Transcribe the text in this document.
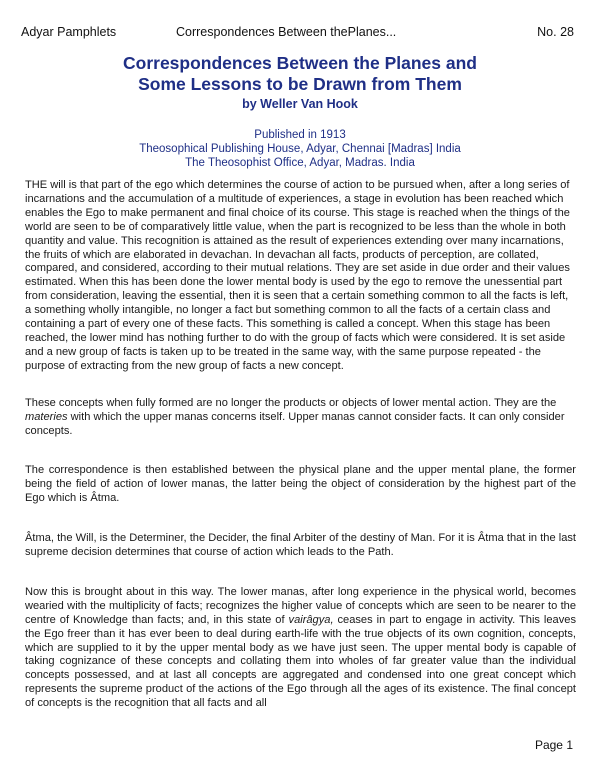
Adyar Pamphlets	Correspondences Between thePlanes...	No. 28
Correspondences Between the Planes and
Some Lessons to be Drawn from Them
by Weller Van Hook
Published in 1913
Theosophical Publishing House, Adyar, Chennai [Madras] India
The Theosophist Office, Adyar, Madras. India

THE will is that part of the ego which determines the course of action to be pursued when, after a long series of incarnations and the accumulation of a multitude of experiences, a stage in evolution has been reached which enables the Ego to make permanent and final choice of its course. This stage is reached when the things of the world are seen to be of comparatively little value, when the part is recognized to be less than the whole in both quantity and value. This recognition is attained as the result of experiences extending over many incarnations, the fruits of which are elaborated in devachan. In devachan all facts, products of perception, are collated, compared, and considered, according to their mutual relations. They are set aside in due order and their values estimated. When this has been done the lower mental body is used by the ego to remove the unessential part from consideration, leaving the essential, then it is seen that a certain something common to all the facts is left, a something wholly intangible, no longer a fact but something common to all the facts of a certain class and containing a part of every one of these facts. This something is called a concept. When this stage has been reached, the lower mind has nothing further to do with the group of facts which were considered. It is set aside and a new group of facts is taken up to be treated in the same way, with the same purpose repeated - the purpose of extracting from the new group of facts a new concept.

These concepts when fully formed are no longer the products or objects of lower mental action. They are the materies with which the upper manas concerns itself. Upper manas cannot consider facts. It can only consider concepts.

The correspondence is then established between the physical plane and the upper mental plane, the former being the field of action of lower manas, the latter being the object of consideration by the highest part of the Ego which is Âtma.

Âtma, the Will, is the Determiner, the Decider, the final Arbiter of the destiny of Man. For it is Âtma that in the last supreme decision determines that course of action which leads to the Path.

Now this is brought about in this way. The lower manas, after long experience in the physical world, becomes wearied with the multiplicity of facts; recognizes the higher value of concepts which are seen to be nearer to the centre of Knowledge than facts; and, in this state of vairâgya, ceases in part to engage in activity. This leaves the Ego freer than it has ever been to deal during earth-life with the true objects of its own cognition, concepts, which are supplied to it by the upper mental body as we have just seen. The upper mental body is capable of taking cognizance of these concepts and collating them into wholes of far greater value than the individual concepts possessed, and at last all concepts are aggregated and condensed into one great concept which represents the supreme product of the actions of the Ego through all the ages of its existence. The final concept of concepts is the recognition that all facts and all

Page 1
